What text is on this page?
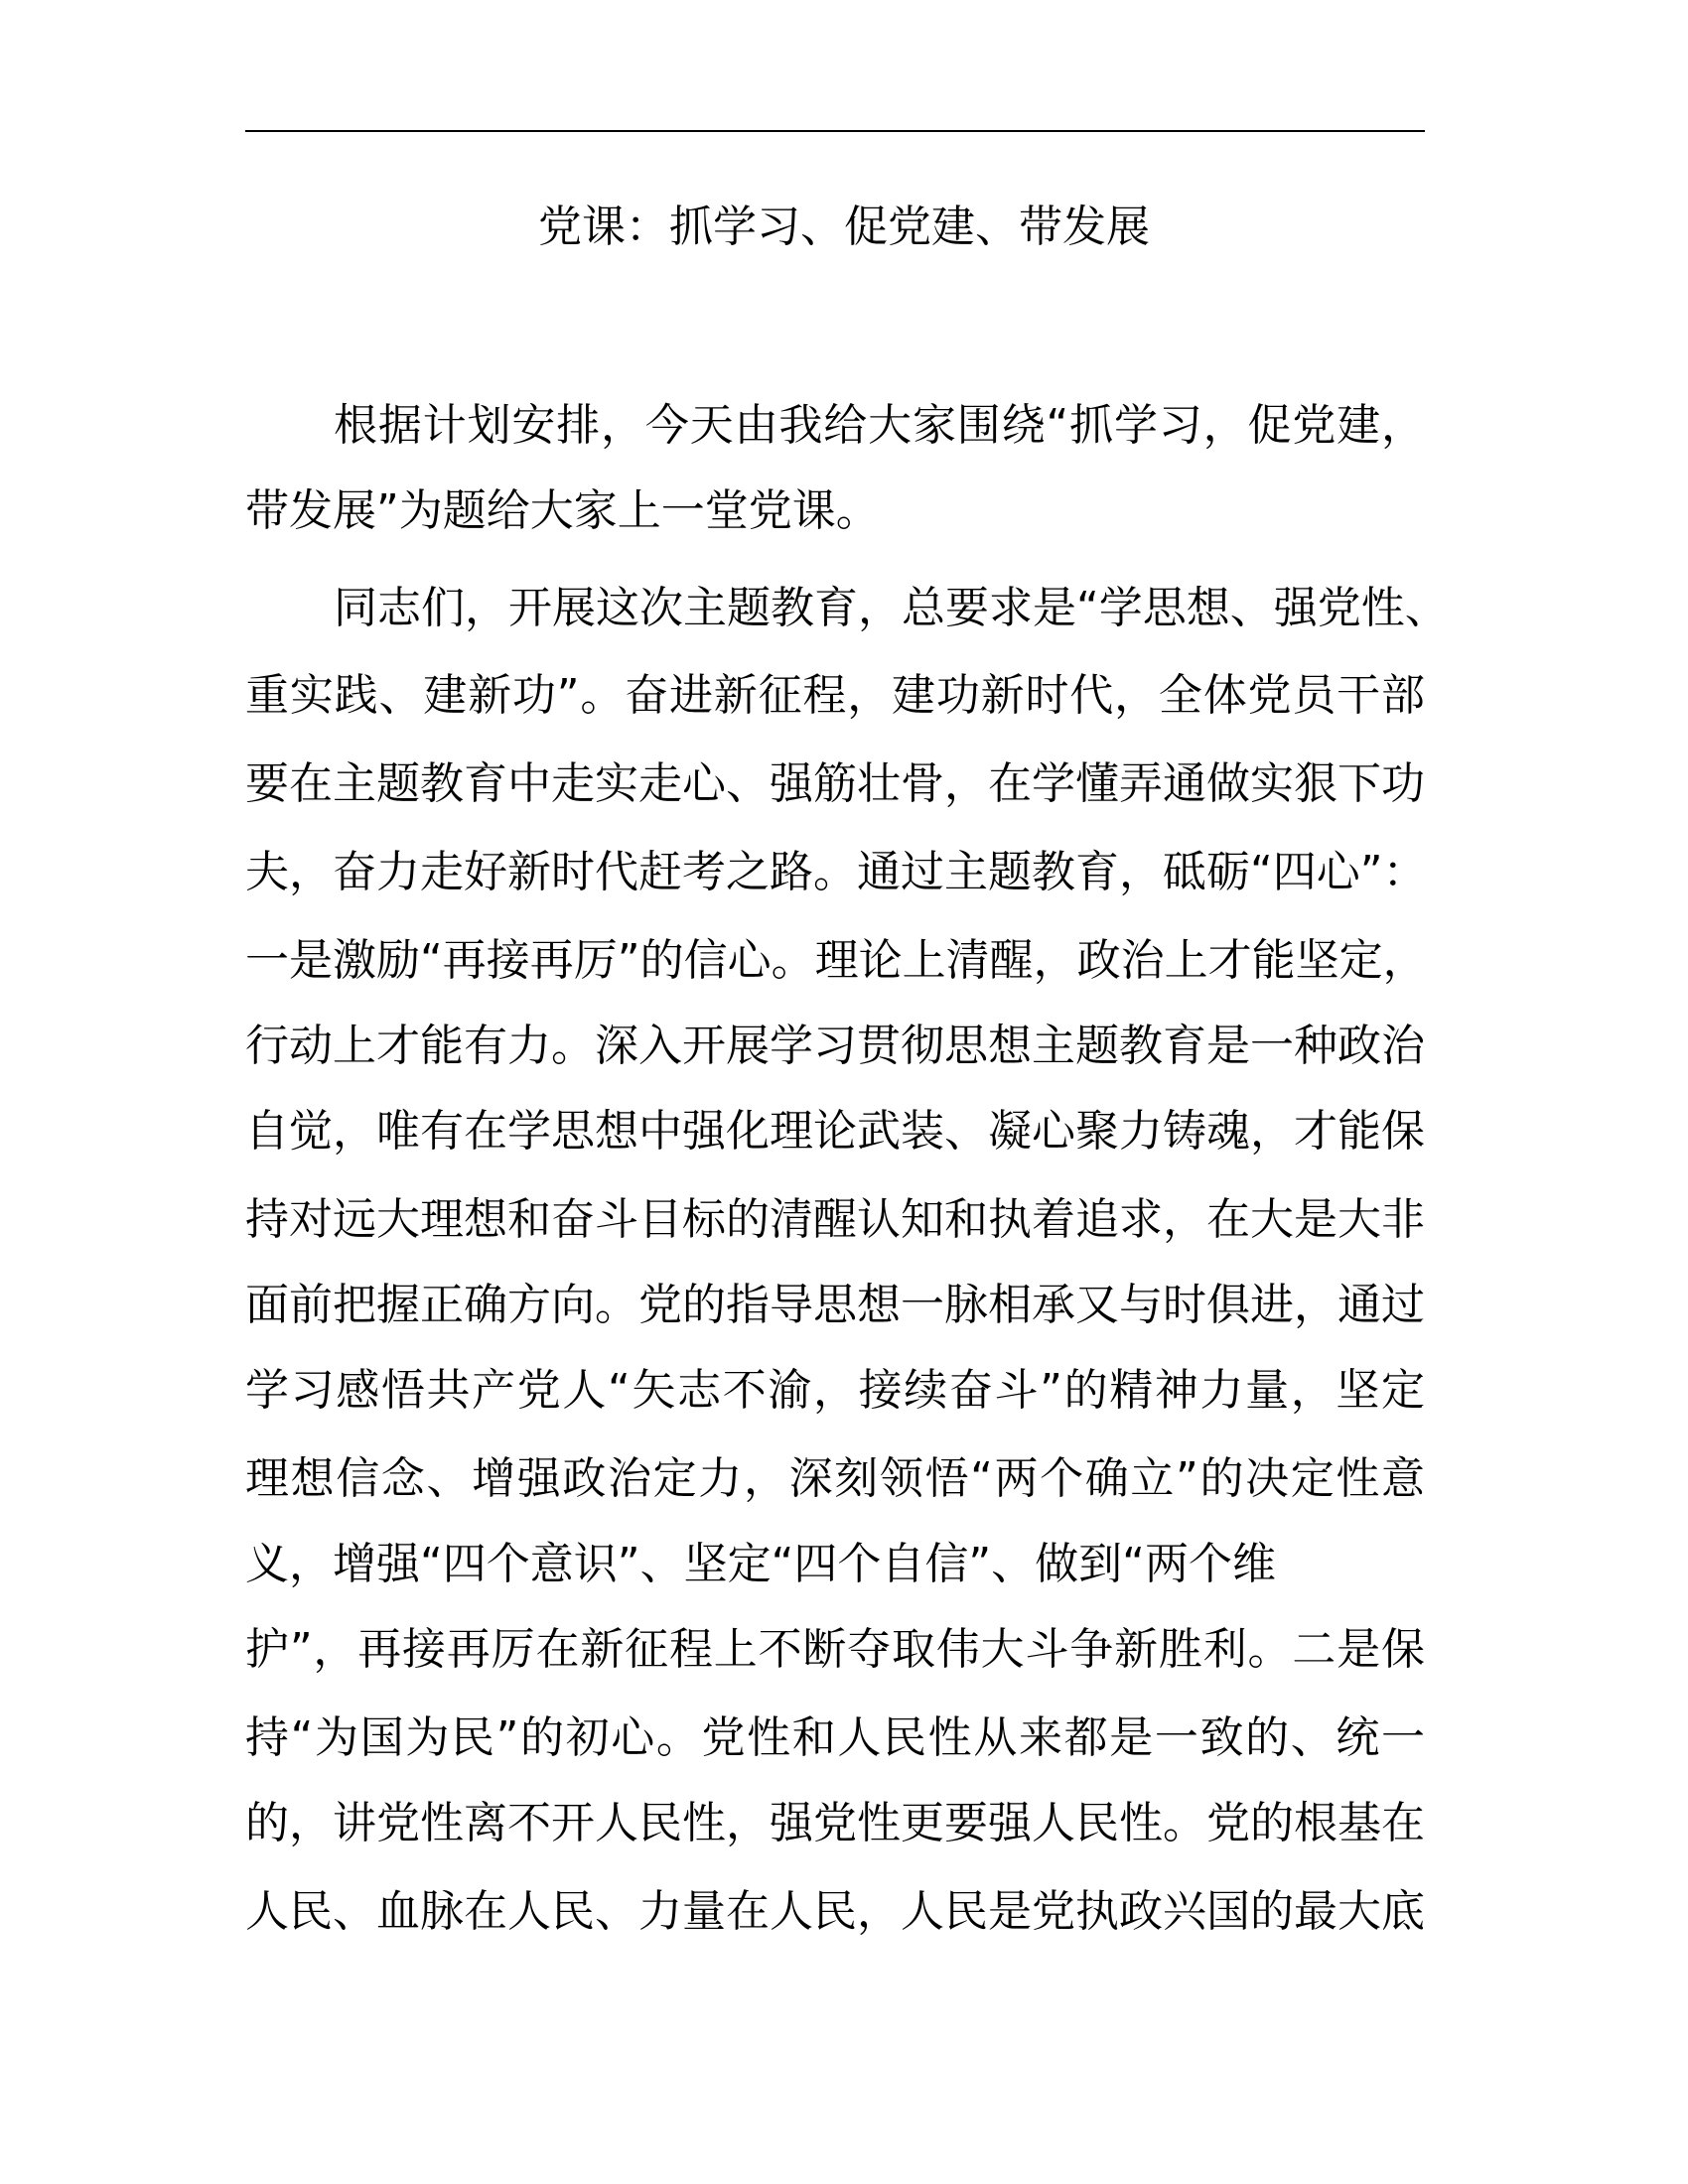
党课：抓学习、促党建、带发展
根据计划安排，今天由我给大家围绕“抓学习，促党建，
带发展”为题给大家上一堂党课。
同志们，开展这次主题教育，总要求是“学思想、强党性、
重实践、建新功”。奋进新征程，建功新时代，全体党员干部
要在主题教育中走实走心、强筋壮骨，在学懂弄通做实狠下功
夫，奋力走好新时代赶考之路。通过主题教育，砥砺“四心”：
一是激励“再接再厉”的信心。理论上清醒，政治上才能坚定，
行动上才能有力。深入开展学习贯彻思想主题教育是一种政治
自觉，唯有在学思想中强化理论武装、凝心聚力铸魂，才能保
持对远大理想和奋斗目标的清醒认知和执着追求，在大是大非
面前把握正确方向。党的指导思想一脉相承又与时俱进，通过
学习感悟共产党人“矢志不渝，接续奋斗”的精神力量，坚定
理想信念、增强政治定力，深刻领悟“两个确立”的决定性意
义，增强“四个意识”、坚定“四个自信”、做到“两个维
护”，再接再厉在新征程上不断夺取伟大斗争新胜利。二是保
持“为国为民”的初心。党性和人民性从来都是一致的、统一
的，讲党性离不开人民性，强党性更要强人民性。党的根基在
人民、血脉在人民、力量在人民，人民是党执政兴国的最大底
